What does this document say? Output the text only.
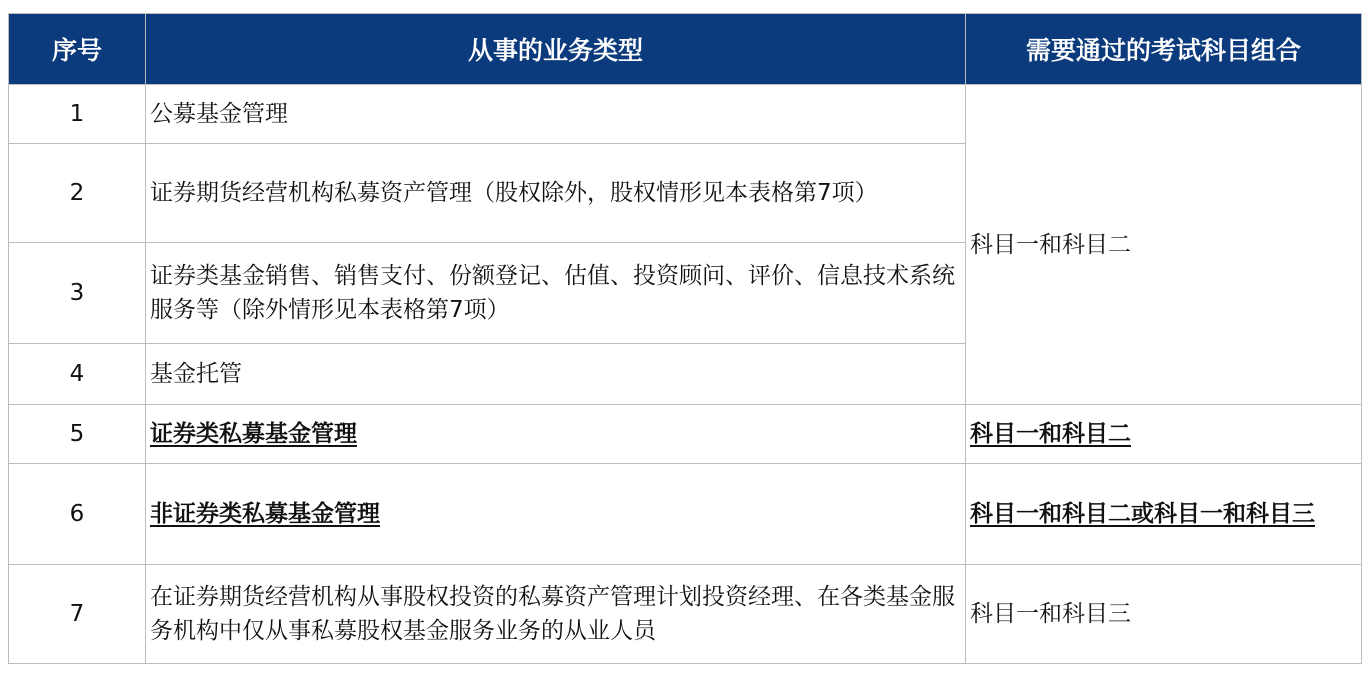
序号	从事的业务类型	需要通过的考试科目组合
1	公募基金管理	科目一和科目二
2	证券期货经营机构私募资产管理（股权除外，股权情形见本表格第7项）	
3	证券类基金销售、销售支付、份额登记、估值、投资顾问、评价、信息技术系统服务等（除外情形见本表格第7项）	
4	基金托管	
5	证券类私募基金管理	科目一和科目二
6	非证券类私募基金管理	科目一和科目二或科目一和科目三
7	在证券期货经营机构从事股权投资的私募资产管理计划投资经理、在各类基金服务机构中仅从事私募股权基金服务业务的从业人员	科目一和科目三
